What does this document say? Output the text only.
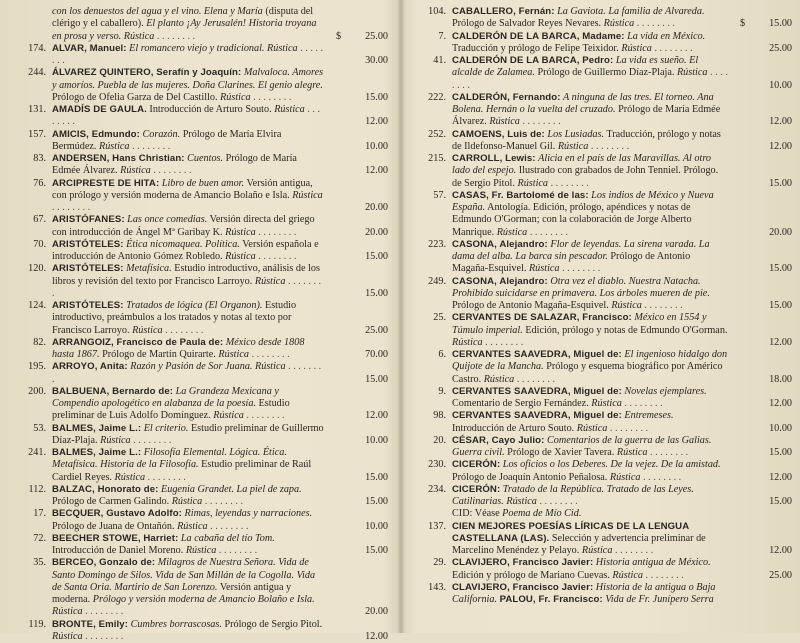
con los denuestos del agua y el vino. Elena y María (disputa del clérigo y el caballero). El planto ¡Ay Jerusalén! Historia troyana en prosa y verso. Rústica . . . . . . . .	$ 25.00
174. ALVAR, Manuel: El romancero viejo y tradicional. Rústica . . . . . . . .	30.00
244. ÁLVAREZ QUINTERO, Serafín y Joaquín: Malvaloca. Amores y amoríos. Puebla de las mujeres. Doña Clarines. El genio alegre. Prólogo de Ofelia Garza de Del Castillo. Rústica . . . . . . . .	15.00
131. AMADÍS DE GAULA. Introducción de Arturo Souto. Rústica . . . . . . . .	12.00
157. AMICIS, Edmundo: Corazón. Prólogo de María Elvira Bermúdez. Rústica . . . . . . . .	10.00
83. ANDERSEN, Hans Christian: Cuentos. Prólogo de María Edmée Álvarez. Rústica . . . . . . . .	12.00
76. ARCIPRESTE DE HITA: Libro de buen amor. Versión antigua, con prólogo y versión moderna de Amancio Bolaño e Isla. Rústica . . . . . . . .	20.00
67. ARISTÓFANES: Las once comedias. Versión directa del griego con introducción de Ángel Mª Garibay K. Rústica . . . . . . . .	20.00
70. ARISTÓTELES: Ética nicomaquea. Política. Versión española e introducción de Antonio Gómez Robledo. Rústica . . . . . . . .	15.00
120. ARISTÓTELES: Metafísica. Estudio introductivo, análisis de los libros y revisión del texto por Francisco Larroyo. Rústica . . . . . . . .	15.00
124. ARISTÓTELES: Tratados de lógica (El Organon). Estudio introductivo, preámbulos a los tratados y notas al texto por Francisco Larroyo. Rústica . . . . . . . .	25.00
82. ARRANGOIZ, Francisco de Paula de: México desde 1808 hasta 1867. Prólogo de Martín Quirarte. Rústica . . . . . . . .	70.00
195. ARROYO, Anita: Razón y Pasión de Sor Juana. Rústica . . . . . . . .	15.00
200. BALBUENA, Bernardo de: La Grandeza Mexicana y Compendio apologético en alabanza de la poesía. Estudio preliminar de Luis Adolfo Domínguez. Rústica . . . . . . . .	12.00
53. BALMES, Jaime L.: El criterio. Estudio preliminar de Guillermo Díaz-Plaja. Rústica . . . . . . . .	10.00
241. BALMES, Jaime L.: Filosofía Elemental. Lógica. Ética. Metafísica. Historia de la Filosofía. Estudio preliminar de Raúl Cardiel Reyes. Rústica . . . . . . . .	15.00
112. BALZAC, Honorato de: Eugenia Grandet. La piel de zapa. Prólogo de Carmen Galindo. Rústica . . . . . . . .	15.00
17. BECQUER, Gustavo Adolfo: Rimas, leyendas y narraciones. Prólogo de Juana de Ontañón. Rústica . . . . . . . .	10.00
72. BEECHER STOWE, Harriet: La cabaña del tío Tom. Introducción de Daniel Moreno. Rústica . . . . . . . .	15.00
35. BERCEO, Gonzalo de: Milagros de Nuestra Señora. Vida de Santo Domingo de Silos. Vida de San Millán de la Cogolla. Vida de Santa Oria. Martirio de San Lorenzo. Versión antigua y moderna. Prólogo y versión moderna de Amancio Bolaño e Isla. Rústica . . . . . . . .	20.00
119. BRONTE, Emily: Cumbres borrascosas. Prólogo de Sergio Pitol. Rústica . . . . . . . .	12.00
104. CABALLERO, Fernán: La Gaviota. La familia de Alvareda. Prólogo de Salvador Reyes Nevares. Rústica . . . . . . . .	$ 15.00
7. CALDERÓN DE LA BARCA, Madame: La vida en México. Traducción y prólogo de Felipe Teixidor. Rústica . . . . . . . .	25.00
41. CALDERÓN DE LA BARCA, Pedro: La vida es sueño. El alcalde de Zalamea. Prólogo de Guillermo Díaz-Plaja. Rústica . . . . . . . .	10.00
222. CALDERÓN, Fernando: A ninguna de las tres. El torneo. Ana Bolena. Hernán o la vuelta del cruzado. Prólogo de María Edmée Álvarez. Rústica . . . . . . . .	12.00
252. CAMOENS, Luis de: Los Lusiadas. Traducción, prólogo y notas de Ildefonso-Manuel Gil. Rústica . . . . . . . .	12.00
215. CARROLL, Lewis: Alicia en el país de las Maravillas. Al otro lado del espejo. Ilustrado con grabados de John Tenniel. Prólogo. de Sergio Pitol. Rústica . . . . . . . .	15.00
57. CASAS, Fr. Bartolomé de las: Los indios de México y Nueva España. Antología. Edición, prólogo, apéndices y notas de Edmundo O'Gorman; con la colaboración de Jorge Alberto Manrique. Rústica . . . . . . . .	20.00
223. CASONA, Alejandro: Flor de leyendas. La sirena varada. La dama del alba. La barca sin pescador. Prólogo de Antonio Magaña-Esquivel. Rústica . . . . . . . .	15.00
249. CASONA, Alejandro: Otra vez el diablo. Nuestra Natacha. Prohibido suicidarse en primavera. Los árboles mueren de pie. Prólogo de Antonio Magaña-Esquivel. Rústica . . . . . . . .	15.00
25. CERVANTES DE SALAZAR, Francisco: México en 1554 y Túmulo imperial. Edición, prólogo y notas de Edmundo O'Gorman. Rústica . . . . . . . .	12.00
6. CERVANTES SAAVEDRA, Miguel de: El ingenioso hidalgo don Quijote de la Mancha. Prólogo y esquema biográfico por Américo Castro. Rústica . . . . . . . .	18.00
9. CERVANTES SAAVEDRA, Miguel de: Novelas ejemplares. Comentario de Sergio Fernández. Rústica . . . . . . . .	12.00
98. CERVANTES SAAVEDRA, Miguel de: Entremeses. Introducción de Arturo Souto. Rústica . . . . . . . .	10.00
20. CÉSAR, Cayo Julio: Comentarios de la guerra de las Galias. Guerra civil. Prólogo de Xavier Tavera. Rústica . . . . . . . .	15.00
230. CICERÓN: Los oficios o los Deberes. De la vejez. De la amistad. Prólogo de Joaquín Antonio Peñalosa. Rústica . . . . . . . .	12.00
234. CICERÓN: Tratado de la República. Tratado de las Leyes. Catilinarias. Rústica . . . . . . . .	15.00
CID: Véase Poema de Mío Cid.
137. CIEN MEJORES POESÍAS LÍRICAS DE LA LENGUA CASTELLANA (LAS). Selección y advertencia preliminar de Marcelino Menéndez y Pelayo. Rústica . . . . . . . .	12.00
29. CLAVIJERO, Francisco Javier: Historia antigua de México. Edición y prólogo de Mariano Cuevas. Rústica . . . . . . . .	25.00
143. CLAVIJERO, Francisco Javier: Historia de la antigua o Baja California. PALOU, Fr. Francisco: Vida de Fr. Junípero Serra
